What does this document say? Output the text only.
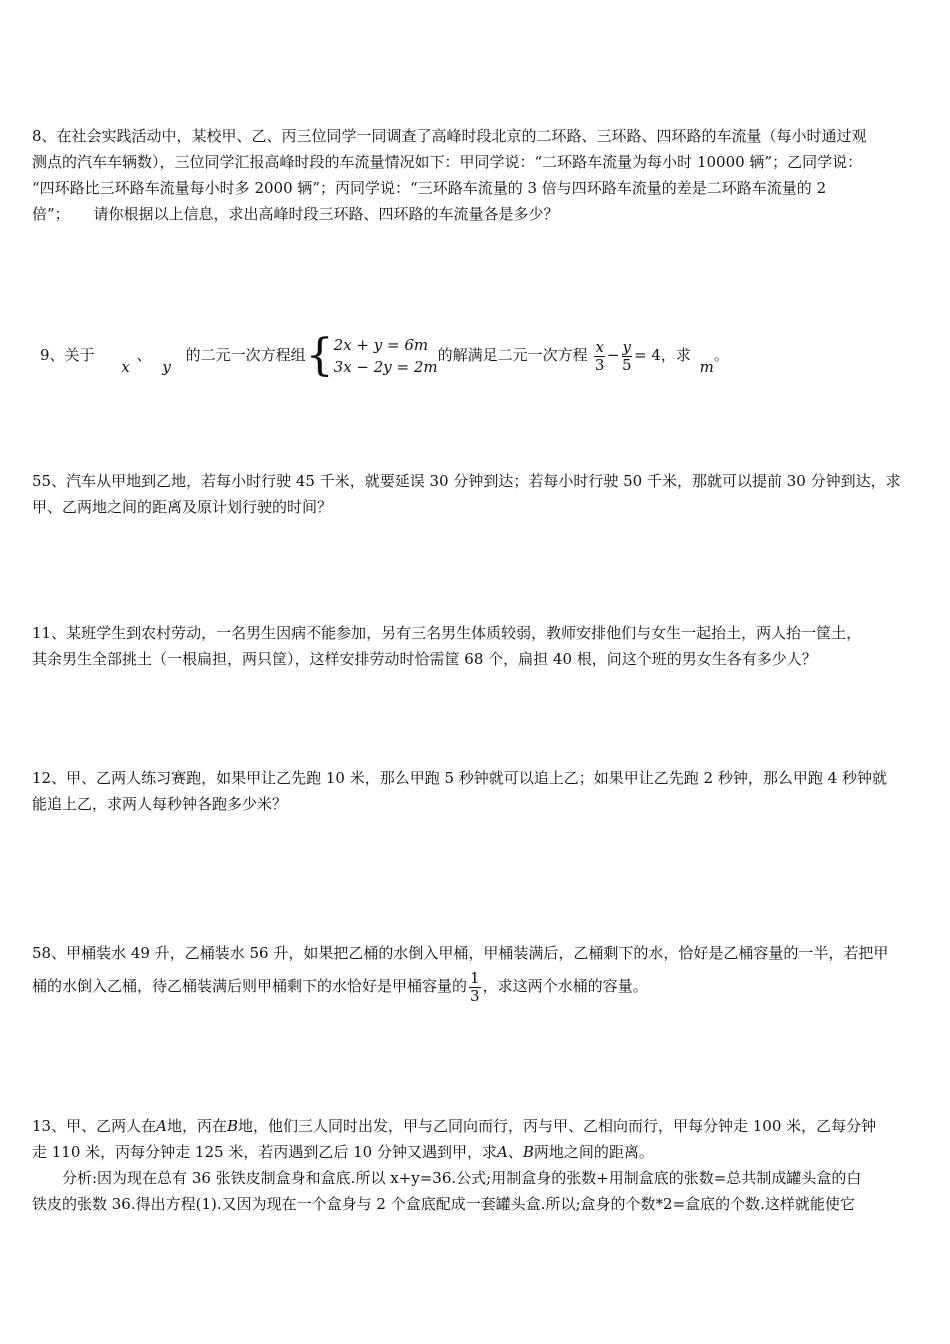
8、在社会实践活动中，某校甲、乙、丙三位同学一同调查了高峰时段北京的二环路、三环路、四环路的车流量（每小时通过观
测点的汽车车辆数），三位同学汇报高峰时段的车流量情况如下：甲同学说：“二环路车流量为每小时 10000 辆”；乙同学说：
“四环路比三环路车流量每小时多 2000 辆”；丙同学说：“三环路车流量的 3 倍与四环路车流量的差是二环路车流量的 2
倍”；     请你根据以上信息，求出高峰时段三环路、四环路的车流量各是多少？
9、关于 x 、 y 的二元一次方程组{ 2x + y = 6m
3x − 2y = 2m
的解满足二元一次方程 $\frac{x}{3} - \frac{y}{5} = 4$，求 m。
55、汽车从甲地到乙地，若每小时行驶 45 千米，就要延误 30 分钟到达；若每小时行驶 50 千米，那就可以提前 30 分钟到达，求
甲、乙两地之间的距离及原计划行驶的时间？
11、某班学生到农村劳动，一名男生因病不能参加，另有三名男生体质较弱，教师安排他们与女生一起抬土，两人抬一筐土，
其余男生全部挑土（一根扁担，两只筐），这样安排劳动时恰需筐 68 个，扁担 40 根，问这个班的男女生各有多少人？
12、甲、乙两人练习赛跑，如果甲让乙先跑 10 米，那么甲跑 5 秒钟就可以追上乙；如果甲让乙先跑 2 秒钟，那么甲跑 4 秒钟就
能追上乙，求两人每秒钟各跑多少米？
58、甲桶装水 49 升，乙桶装水 56 升，如果把乙桶的水倒入甲桶，甲桶装满后，乙桶剩下的水，恰好是乙桶容量的一半，若把甲
桶的水倒入乙桶，待乙桶装满后则甲桶剩下的水恰好是甲桶容量的 $\frac{1}{3}$ ，求这两个水桶的容量。
13、甲、乙两人在A地，丙在B地，他们三人同时出发，甲与乙同向而行，丙与甲、乙相向而行，甲每分钟走 100 米，乙每分钟
走 110 米，丙每分钟走 125 米，若丙遇到乙后 10 分钟又遇到甲，求A、B两地之间的距离。
分析:因为现在总有 36 张铁皮制盒身和盒底.所以 x+y=36.公式;用制盒身的张数+用制盒底的张数=总共制成罐头盒的白
铁皮的张数 36.得出方程(1).又因为现在一个盒身与 2 个盒底配成一套罐头盒.所以;盒身的个数*2=盒底的个数.这样就能使它
